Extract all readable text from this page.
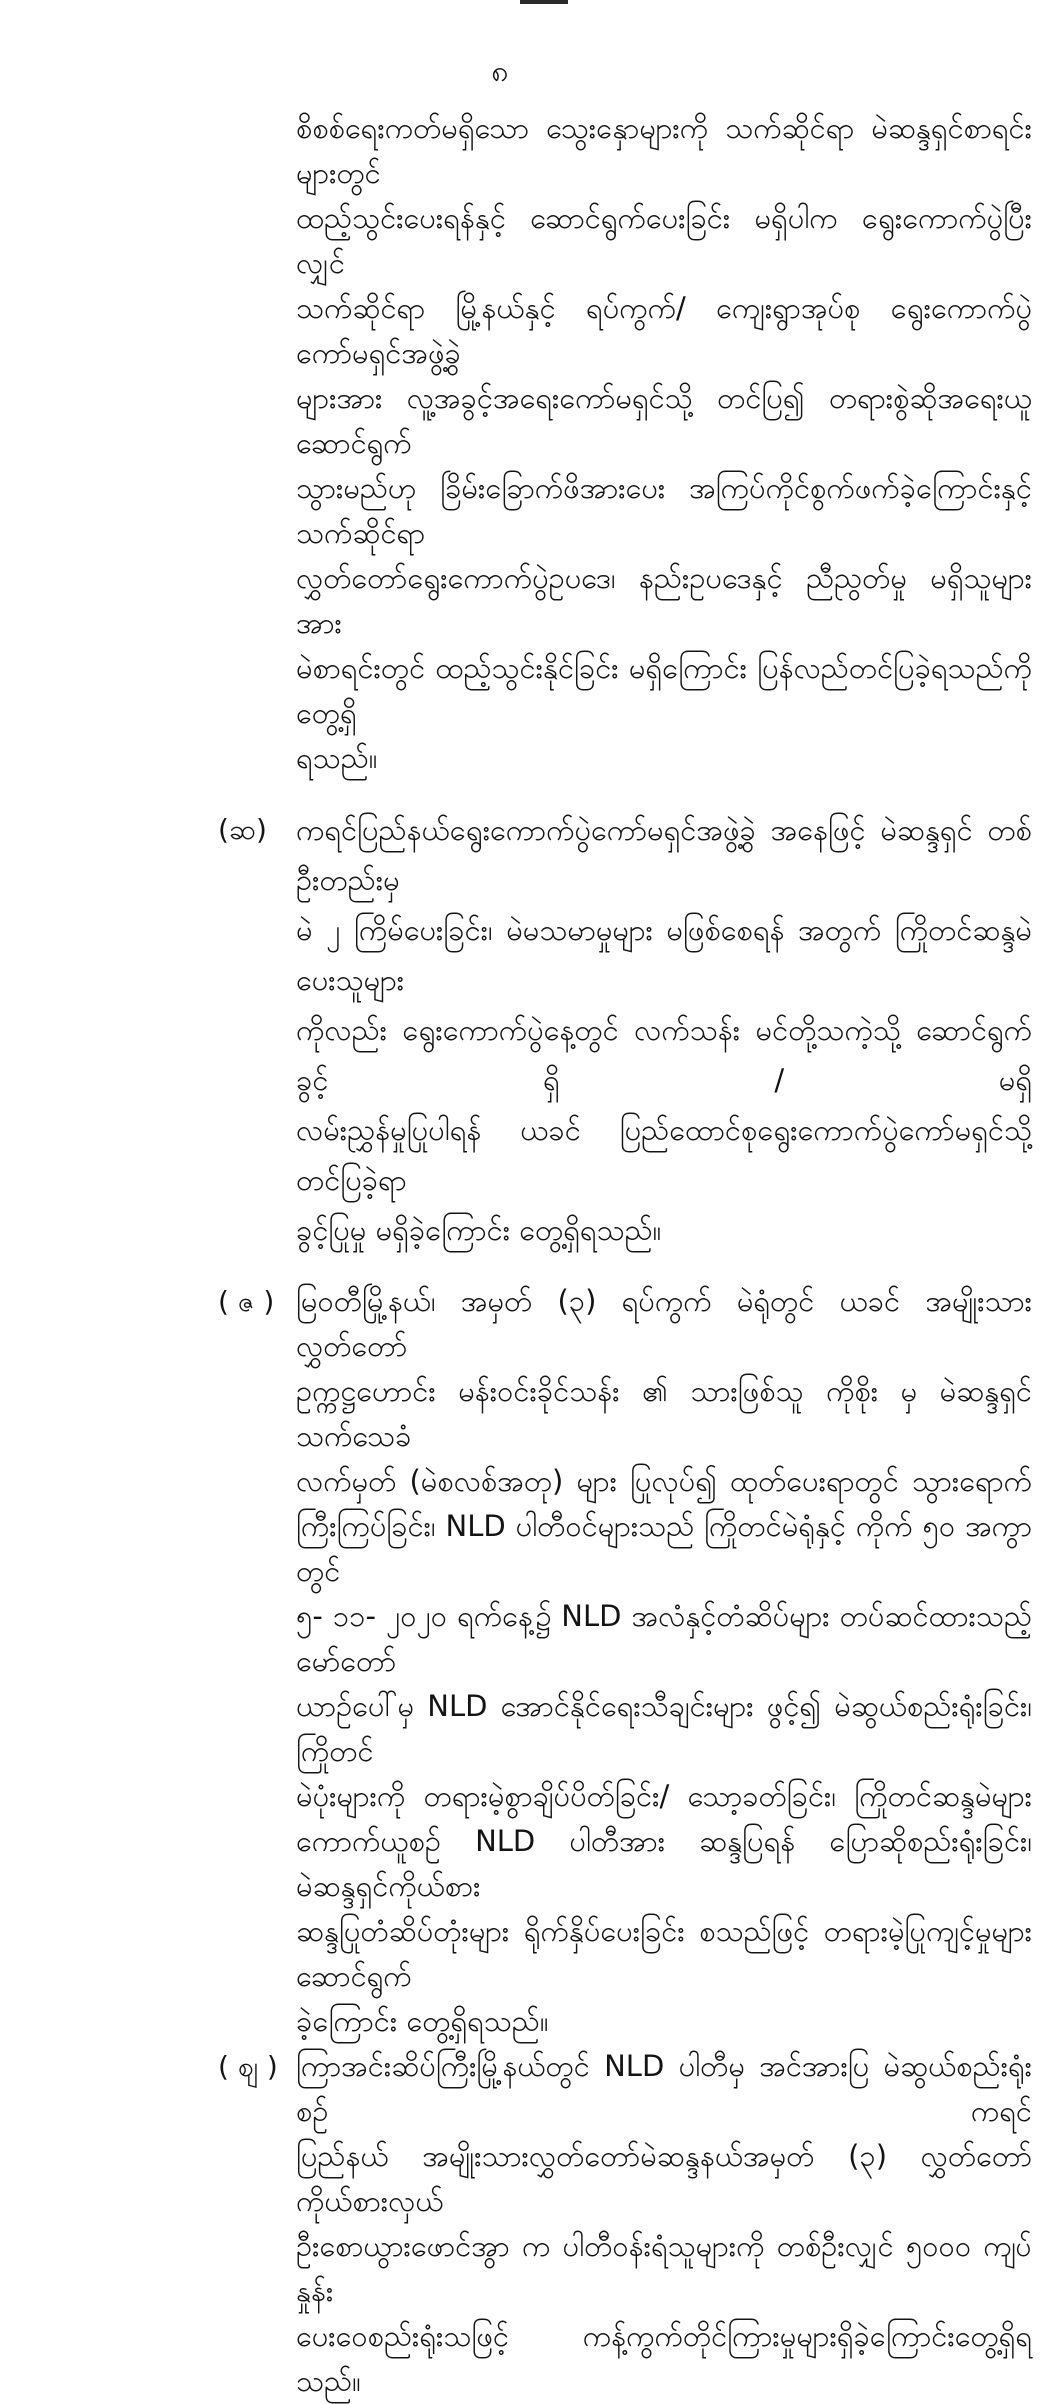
၈
စိစစ်ရေးကတ်မရှိသော သွေးနှောများကို သက်ဆိုင်ရာ မဲဆန္ဒရှင်စာရင်းများတွင်
ထည့်သွင်းပေးရန်နှင့် ဆောင်ရွက်ပေးခြင်း မရှိပါက ရွေးကောက်ပွဲပြီးလျှင်
သက်ဆိုင်ရာ မြို့နယ်နှင့် ရပ်ကွက်/ ကျေးရွာအုပ်စု ရွေးကောက်ပွဲကော်မရှင်အဖွဲ့ခွဲ
များအား လူ့အခွင့်အရေးကော်မရှင်သို့ တင်ပြ၍ တရားစွဲဆိုအရေးယူ ဆောင်ရွက်
သွားမည်ဟု ခြိမ်းခြောက်ဖိအားပေး အကြပ်ကိုင်စွက်ဖက်ခဲ့ကြောင်းနှင့် သက်ဆိုင်ရာ
လွှတ်တော်ရွေးကောက်ပွဲဥပဒေ၊ နည်းဥပဒေနှင့် ညီညွတ်မှု မရှိသူများအား
မဲစာရင်းတွင် ထည့်သွင်းနိုင်ခြင်း မရှိကြောင်း ပြန်လည်တင်ပြခဲ့ရသည်ကို တွေ့ရှိ
ရသည်။
(ဆ)	ကရင်ပြည်နယ်ရွေးကောက်ပွဲကော်မရှင်အဖွဲ့ခွဲ အနေဖြင့် မဲဆန္ဒရှင် တစ်ဦးတည်းမှ
မဲ ၂ ကြိမ်ပေးခြင်း၊ မဲမသမာမှုများ မဖြစ်စေရန် အတွက် ကြိုတင်ဆန္ဒမဲပေးသူများ
ကိုလည်း ရွေးကောက်ပွဲနေ့တွင် လက်သန်း မင်တို့သကဲ့သို့ ဆောင်ရွက်ခွင့် ရှိ / မရှိ
လမ်းညွှန်မှုပြုပါရန် ယခင် ပြည်ထောင်စုရွေးကောက်ပွဲကော်မရှင်သို့ တင်ပြခဲ့ရာ
ခွင့်ပြုမှု မရှိခဲ့ကြောင်း တွေ့ရှိရသည်။
( ဇ ) မြဝတီမြို့နယ်၊ အမှတ် (၃) ရပ်ကွက် မဲရုံတွင် ယခင် အမျိုးသားလွှတ်တော်
ဥက္ကဋ္ဌဟောင်း မန်းဝင်းခိုင်သန်း ၏ သားဖြစ်သူ ကိုစိုး မှ မဲဆန္ဒရှင်သက်သေခံ
လက်မှတ် (မဲစလစ်အတု) များ ပြုလုပ်၍ ထုတ်ပေးရာတွင် သွားရောက်
ကြီးကြပ်ခြင်း၊ NLD ပါတီဝင်များသည် ကြိုတင်မဲရုံနှင့် ကိုက် ၅၀ အကွာတွင်
၅- ၁၁- ၂၀၂၀ ရက်နေ့၌ NLD အလံနှင့်တံဆိပ်များ တပ်ဆင်ထားသည့် မော်တော်
ယာဉ်ပေါ်မှ NLD အောင်နိုင်ရေးသီချင်းများ ဖွင့်၍ မဲဆွယ်စည်းရုံးခြင်း၊ ကြိုတင်
မဲပုံးများကို တရားမဲ့စွာချိပ်ပိတ်ခြင်း/ သော့ခတ်ခြင်း၊ ကြိုတင်ဆန္ဒမဲများ
ကောက်ယူစဉ် NLD ပါတီအား ဆန္ဒပြရန် ပြောဆိုစည်းရုံးခြင်း၊ မဲဆန္ဒရှင်ကိုယ်စား
ဆန္ဒပြုတံဆိပ်တုံးများ ရိုက်နှိပ်ပေးခြင်း စသည်ဖြင့် တရားမဲ့ပြုကျင့်မှုများ ဆောင်ရွက်
ခဲ့ကြောင်း တွေ့ရှိရသည်။
( စျ ) ကြာအင်းဆိပ်ကြီးမြို့နယ်တွင် NLD ပါတီမှ အင်အားပြ မဲဆွယ်စည်းရုံးစဉ် ကရင်
ပြည်နယ် အမျိုးသားလွှတ်တော်မဲဆန္ဒနယ်အမှတ် (၃) လွှတ်တော်ကိုယ်စားလှယ်
ဦးစောယွားဖောင်အွာ က ပါတီဝန်းရံသူများကို တစ်ဦးလျှင် ၅၀၀၀ ကျပ်နှုန်း
ပေးဝေစည်းရုံးသဖြင့် ကန့်ကွက်တိုင်ကြားမှုများရှိခဲ့ကြောင်းတွေ့ရှိရသည်။
